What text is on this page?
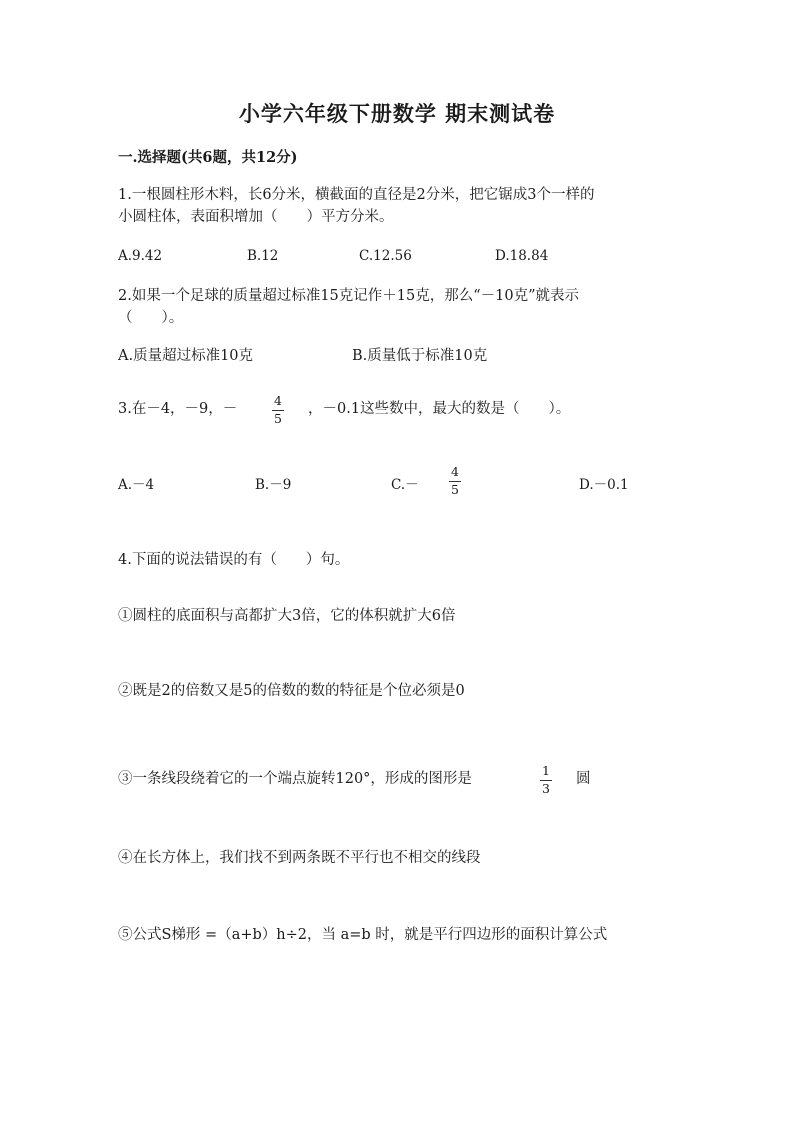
小学六年级下册数学 期末测试卷
一.选择题(共6题，共12分)
1.一根圆柱形木料，长6分米，横截面的直径是2分米，把它锯成3个一样的
小圆柱体，表面积增加（　　）平方分米。
A.9.42	B.12	C.12.56	D.18.84
2.如果一个足球的质量超过标准15克记作＋15克，那么“－10克”就表示
（　　）。
A.质量超过标准10克	B.质量低于标准10克
3.在－4，－9，－
4
5
，－0.1这些数中，最大的数是（　　）。
A.－4	B.－9	C.－
4
5	D.－0.1
4.下面的说法错误的有（　　）句。
①圆柱的底面积与高都扩大3倍，它的体积就扩大6倍
②既是2的倍数又是5的倍数的数的特征是个位必须是0
③一条线段绕着它的一个端点旋转120°，形成的图形是
1
3
圆
④在长方体上，我们找不到两条既不平行也不相交的线段
⑤公式S梯形 =（a+b）h÷2，当 a=b 时，就是平行四边形的面积计算公式
